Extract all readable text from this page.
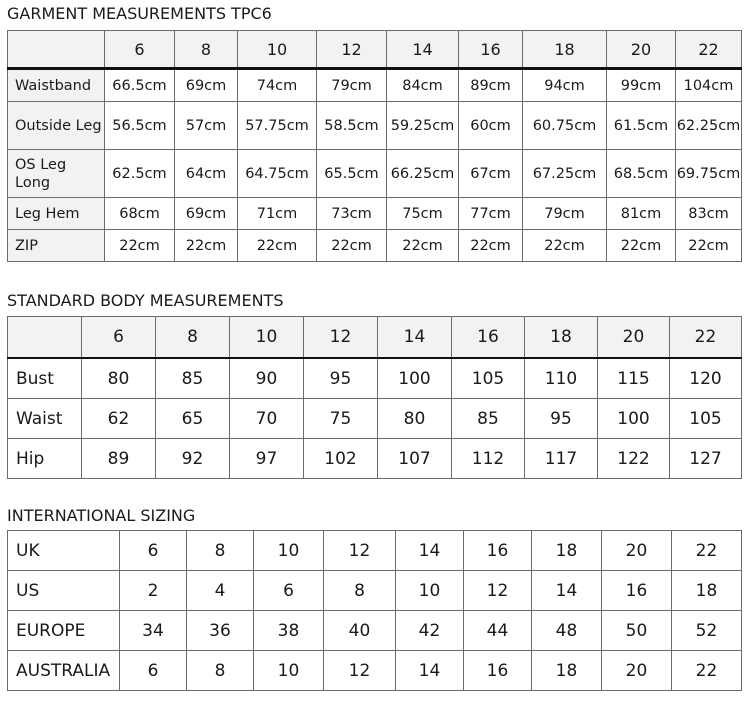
GARMENT MEASUREMENTS TPC6
	6	8	10	12	14	16	18	20	22
Waistband	66.5cm	69cm	74cm	79cm	84cm	89cm	94cm	99cm	104cm
Outside Leg	56.5cm	57cm	57.75cm	58.5cm	59.25cm	60cm	60.75cm	61.5cm	62.25cm
OS Leg Long	62.5cm	64cm	64.75cm	65.5cm	66.25cm	67cm	67.25cm	68.5cm	69.75cm
Leg Hem	68cm	69cm	71cm	73cm	75cm	77cm	79cm	81cm	83cm
ZIP	22cm	22cm	22cm	22cm	22cm	22cm	22cm	22cm	22cm
STANDARD BODY MEASUREMENTS
	6	8	10	12	14	16	18	20	22
Bust	80	85	90	95	100	105	110	115	120
Waist	62	65	70	75	80	85	95	100	105
Hip	89	92	97	102	107	112	117	122	127
INTERNATIONAL SIZING
UK	6	8	10	12	14	16	18	20	22
US	2	4	6	8	10	12	14	16	18
EUROPE	34	36	38	40	42	44	48	50	52
AUSTRALIA	6	8	10	12	14	16	18	20	22
